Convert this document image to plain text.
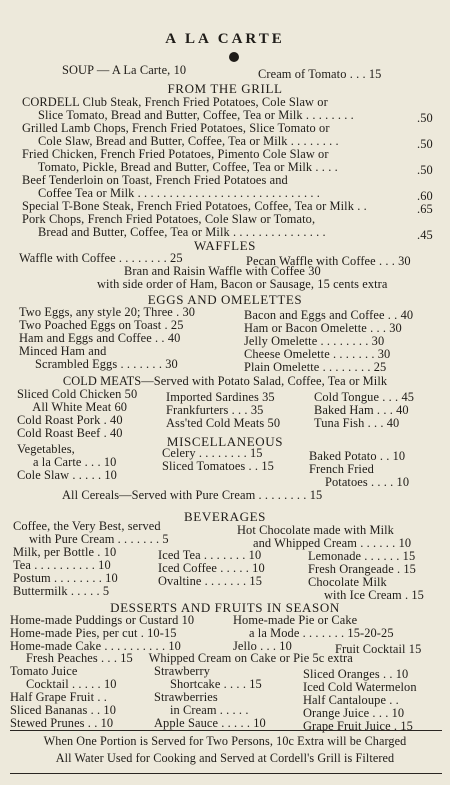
A LA CARTE
SOUP — A La Carte, 10	Cream of Tomato . . . 15
FROM THE GRILL
CORDELL Club Steak, French Fried Potatoes, Cole Slaw or
Slice Tomato, Bread and Butter, Coffee, Tea or Milk . . . . . . . .	.50
Grilled Lamb Chops, French Fried Potatoes, Slice Tomato or
Cole Slaw, Bread and Butter, Coffee, Tea or Milk . . . . . . . .	.50
Fried Chicken, French Fried Potatoes, Pimento Cole Slaw or
Tomato, Pickle, Bread and Butter, Coffee, Tea or Milk . . . .	.50
Beef Tenderloin on Toast, French Fried Potatoes and
Coffee Tea or Milk . . . . . . . . . . . . . . . . . . . . . . . . . . . . .	.60
Special T-Bone Steak, French Fried Potatoes, Coffee, Tea or Milk . .	.65
Pork Chops, French Fried Potatoes, Cole Slaw or Tomato,
Bread and Butter, Coffee, Tea or Milk . . . . . . . . . . . . . . .	.45
WAFFLES
Waffle with Coffee . . . . . . . . 25	Pecan Waffle with Coffee . . . 30
Bran and Raisin Waffle with Coffee 30
with side order of Ham, Bacon or Sausage, 15 cents extra
EGGS AND OMELETTES
Two Eggs, any style 20; Three . 30
Two Poached Eggs on Toast . 25
Ham and Eggs and Coffee . . 40
Minced Ham and
Scrambled Eggs . . . . . . . 30
Bacon and Eggs and Coffee . . 40
Ham or Bacon Omelette . . . 30
Jelly Omelette . . . . . . . . 30
Cheese Omelette . . . . . . . 30
Plain Omelette . . . . . . . . 25
COLD MEATS—Served with Potato Salad, Coffee, Tea or Milk
Sliced Cold Chicken 50
All White Meat 60
Cold Roast Pork . 40
Cold Roast Beef . 40
Imported Sardines 35
Frankfurters . . . 35
Ass'ted Cold Meats 50
Cold Tongue . . . 45
Baked Ham . . . 40
Tuna Fish . . . 40
MISCELLANEOUS
Vegetables,
a la Carte . . . 10
Cole Slaw . . . . . 10
Celery . . . . . . . . 15
Sliced Tomatoes . . 15
Baked Potato . . 10
French Fried
Potatoes . . . . 10
All Cereals—Served with Pure Cream . . . . . . . . 15
BEVERAGES
Coffee, the Very Best, served
with Pure Cream . . . . . . . 5
Milk, per Bottle . 10
Tea . . . . . . . . . . 10
Postum . . . . . . . . 10
Buttermilk . . . . . 5
Iced Tea . . . . . . . 10
Iced Coffee . . . . . 10
Ovaltine . . . . . . . 15
Hot Chocolate made with Milk
and Whipped Cream . . . . . . 10
Lemonade . . . . . . 15
Fresh Orangeade . 15
Chocolate Milk
with Ice Cream . 15
DESSERTS AND FRUITS IN SEASON
Home-made Puddings or Custard 10
Home-made Pies, per cut . 10-15
Home-made Cake . . . . . . . . . . 10
Home-made Pie or Cake
a la Mode . . . . . . . 15-20-25
Jello . . . 10	Fruit Cocktail 15
Fresh Peaches . . . 15     Whipped Cream on Cake or Pie 5c extra
Tomato Juice
Cocktail . . . . . 10
Half Grape Fruit . .
Sliced Bananas . . 10
Stewed Prunes . . 10
Strawberry
Shortcake . . . . 15
Strawberries
in Cream . . . . .
Apple Sauce . . . . . 10
Sliced Oranges . . 10
Iced Cold Watermelon
Half Cantaloupe . .
Orange Juice . . . 10
Grape Fruit Juice . 15
When One Portion is Served for Two Persons, 10c Extra will be Charged
All Water Used for Cooking and Served at Cordell's Grill is Filtered
